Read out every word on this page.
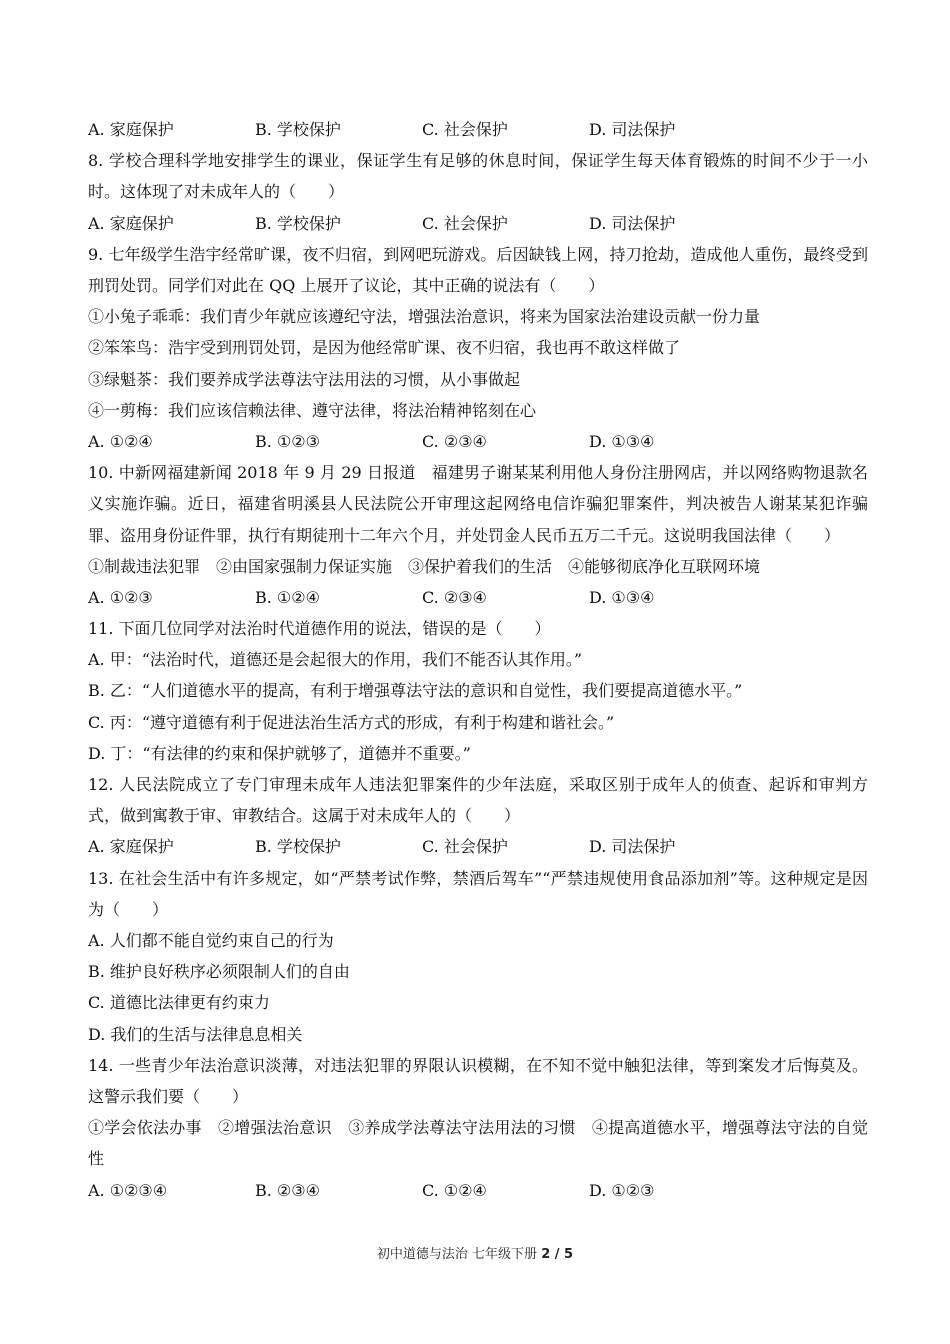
A. 家庭保护	B. 学校保护	C. 社会保护	D. 司法保护
8. 学校合理科学地安排学生的课业，保证学生有足够的休息时间，保证学生每天体育锻炼的时间不少于一小时。这体现了对未成年人的（　　）
A. 家庭保护	B. 学校保护	C. 社会保护	D. 司法保护
9. 七年级学生浩宇经常旷课，夜不归宿，到网吧玩游戏。后因缺钱上网，持刀抢劫，造成他人重伤，最终受到刑罚处罚。同学们对此在 QQ 上展开了议论，其中正确的说法有（　　）
①小兔子乖乖：我们青少年就应该遵纪守法，增强法治意识，将来为国家法治建设贡献一份力量
②笨笨鸟：浩宇受到刑罚处罚，是因为他经常旷课、夜不归宿，我也再不敢这样做了
③绿魁茶：我们要养成学法尊法守法用法的习惯，从小事做起
④一剪梅：我们应该信赖法律、遵守法律，将法治精神铭刻在心
A. ①②④	B. ①②③	C. ②③④	D. ①③④
10. 中新网福建新闻 2018 年 9 月 29 日报道　福建男子谢某某利用他人身份注册网店，并以网络购物退款名义实施诈骗。近日，福建省明溪县人民法院公开审理这起网络电信诈骗犯罪案件，判决被告人谢某某犯诈骗罪、盗用身份证件罪，执行有期徒刑十二年六个月，并处罚金人民币五万二千元。这说明我国法律（　　）
①制裁违法犯罪　②由国家强制力保证实施　③保护着我们的生活　④能够彻底净化互联网环境
A. ①②③	B. ①②④	C. ②③④	D. ①③④
11. 下面几位同学对法治时代道德作用的说法，错误的是（　　）
A. 甲：“法治时代，道德还是会起很大的作用，我们不能否认其作用。”
B. 乙：“人们道德水平的提高，有利于增强尊法守法的意识和自觉性，我们要提高道德水平。”
C. 丙：“遵守道德有利于促进法治生活方式的形成，有利于构建和谐社会。”
D. 丁：“有法律的约束和保护就够了，道德并不重要。”
12. 人民法院成立了专门审理未成年人违法犯罪案件的少年法庭，采取区别于成年人的侦查、起诉和审判方式，做到寓教于审、审教结合。这属于对未成年人的（　　）
A. 家庭保护	B. 学校保护	C. 社会保护	D. 司法保护
13. 在社会生活中有许多规定，如“严禁考试作弊，禁酒后驾车”“严禁违规使用食品添加剂”等。这种规定是因为（　　）
A. 人们都不能自觉约束自己的行为
B. 维护良好秩序必须限制人们的自由
C. 道德比法律更有约束力
D. 我们的生活与法律息息相关
14. 一些青少年法治意识淡薄，对违法犯罪的界限认识模糊，在不知不觉中触犯法律，等到案发才后悔莫及。这警示我们要（　　）
①学会依法办事　②增强法治意识　③养成学法尊法守法用法的习惯　④提高道德水平，增强尊法守法的自觉性
A. ①②③④	B. ②③④	C. ①②④	D. ①②③
初中道德与法治 七年级下册 2 / 5
